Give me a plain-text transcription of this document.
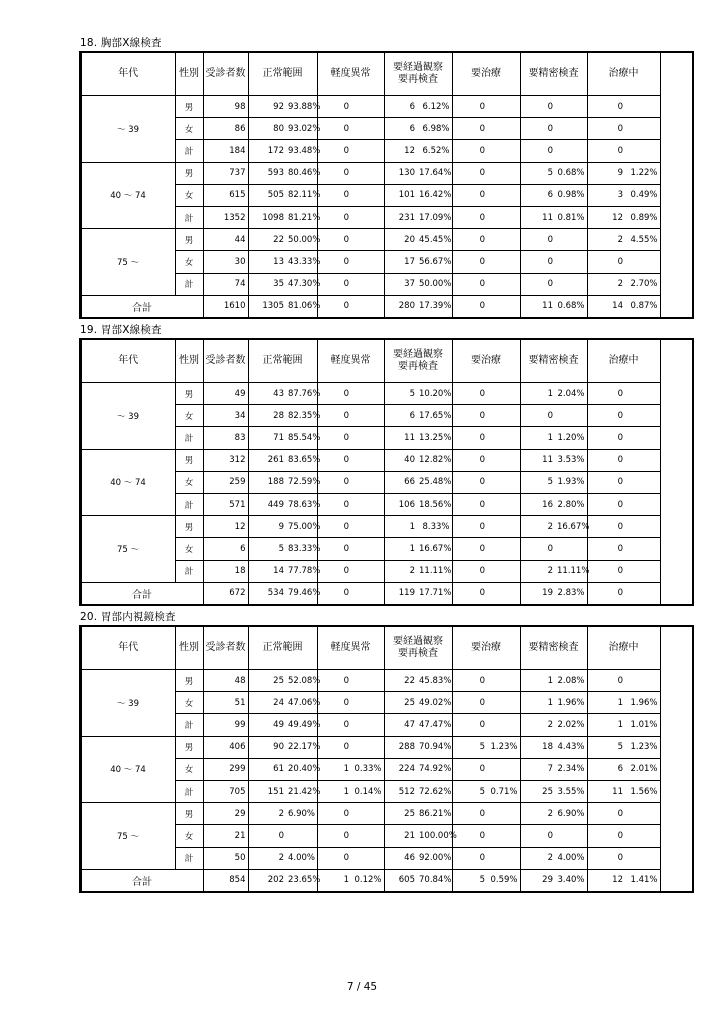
18. 胸部X線検査
年代	性別	受診者数	正常範囲		軽度異常		要経過観察
要再検査		要治療		要精密検査		治療中	
～ 39	男	98	92	93.88%	0		6	6.12%	0		0		0	
	女	86	80	93.02%	0		6	6.98%	0		0		0	
	計	184	172	93.48%	0		12	6.52%	0		0		0	
40 ～ 74	男	737	593	80.46%	0		130	17.64%	0		5	0.68%	9	1.22%
	女	615	505	82.11%	0		101	16.42%	0		6	0.98%	3	0.49%
	計	1352	1098	81.21%	0		231	17.09%	0		11	0.81%	12	0.89%
75 ～	男	44	22	50.00%	0		20	45.45%	0		0		2	4.55%
	女	30	13	43.33%	0		17	56.67%	0		0		0	
	計	74	35	47.30%	0		37	50.00%	0		0		2	2.70%
合計		1610	1305	81.06%	0		280	17.39%	0		11	0.68%	14	0.87%
19. 胃部X線検査
年代	性別	受診者数	正常範囲		軽度異常		要経過観察
要再検査		要治療		要精密検査		治療中	
～ 39	男	49	43	87.76%	0		5	10.20%	0		1	2.04%	0	
	女	34	28	82.35%	0		6	17.65%	0		0		0	
	計	83	71	85.54%	0		11	13.25%	0		1	1.20%	0	
40 ～ 74	男	312	261	83.65%	0		40	12.82%	0		11	3.53%	0	
	女	259	188	72.59%	0		66	25.48%	0		5	1.93%	0	
	計	571	449	78.63%	0		106	18.56%	0		16	2.80%	0	
75 ～	男	12	9	75.00%	0		1	8.33%	0		2	16.67%	0	
	女	6	5	83.33%	0		1	16.67%	0		0		0	
	計	18	14	77.78%	0		2	11.11%	0		2	11.11%	0	
合計		672	534	79.46%	0		119	17.71%	0		19	2.83%	0	
20. 胃部内視鏡検査
年代	性別	受診者数	正常範囲		軽度異常		要経過観察
要再検査		要治療		要精密検査		治療中	
～ 39	男	48	25	52.08%	0		22	45.83%	0		1	2.08%	0	
	女	51	24	47.06%	0		25	49.02%	0		1	1.96%	1	1.96%
	計	99	49	49.49%	0		47	47.47%	0		2	2.02%	1	1.01%
40 ～ 74	男	406	90	22.17%	0		288	70.94%	5	1.23%	18	4.43%	5	1.23%
	女	299	61	20.40%	1	0.33%	224	74.92%	0		7	2.34%	6	2.01%
	計	705	151	21.42%	1	0.14%	512	72.62%	5	0.71%	25	3.55%	11	1.56%
75 ～	男	29	2	6.90%	0		25	86.21%	0		2	6.90%	0	
	女	21	0		0		21	100.00%	0		0		0	
	計	50	2	4.00%	0		46	92.00%	0		2	4.00%	0	
合計		854	202	23.65%	1	0.12%	605	70.84%	5	0.59%	29	3.40%	12	1.41%
7 / 45
